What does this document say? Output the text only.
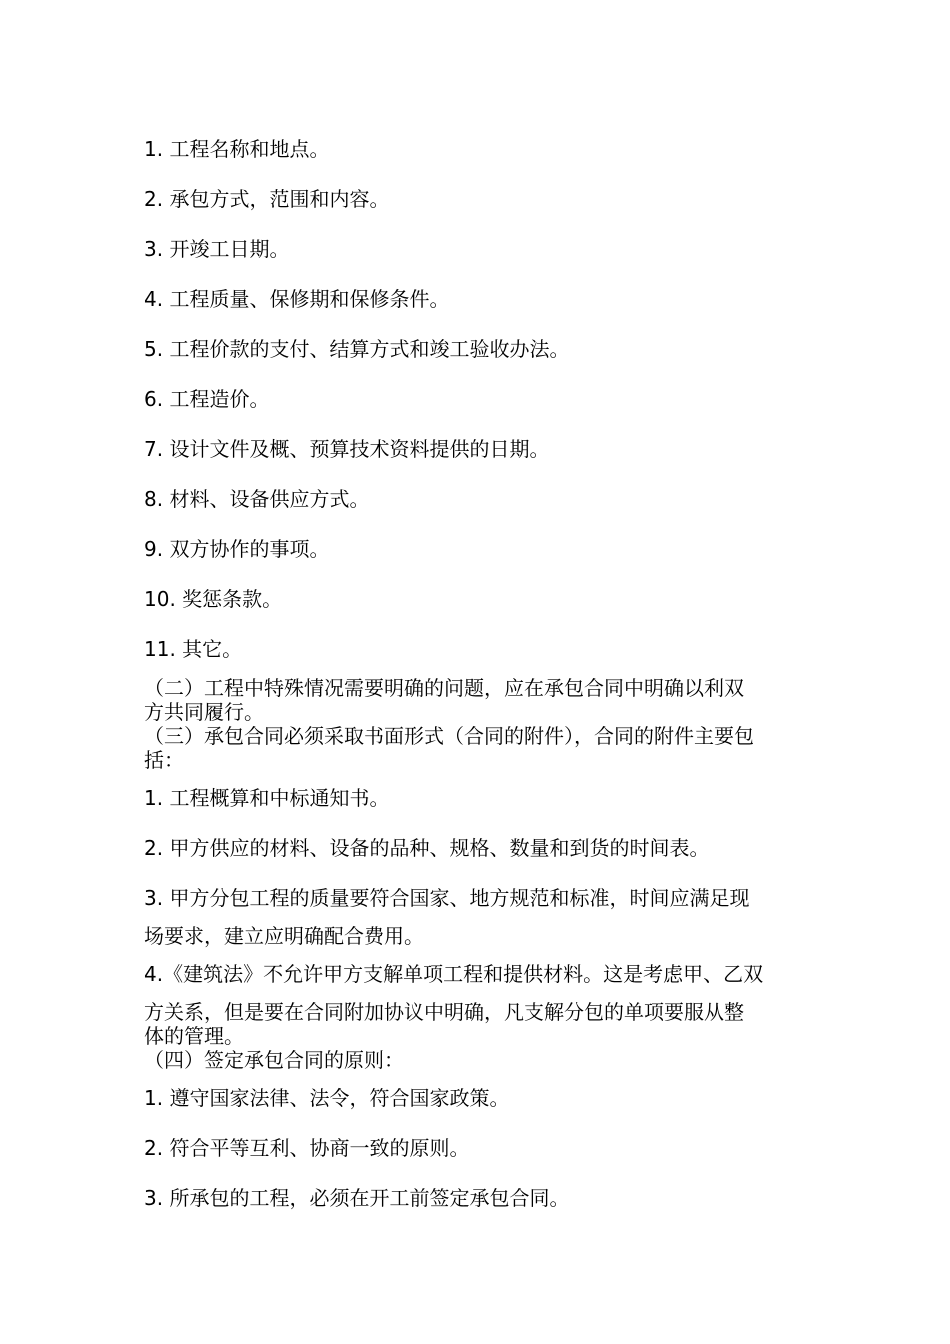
1. 工程名称和地点。
2. 承包方式，范围和内容。
3. 开竣工日期。
4. 工程质量、保修期和保修条件。
5. 工程价款的支付、结算方式和竣工验收办法。
6. 工程造价。
7. 设计文件及概、预算技术资料提供的日期。
8. 材料、设备供应方式。
9. 双方协作的事项。
10. 奖惩条款。
11. 其它。
（二）工程中特殊情况需要明确的问题，应在承包合同中明确以利双
方共同履行。
（三）承包合同必须采取书面形式（合同的附件），合同的附件主要包
括：
1. 工程概算和中标通知书。
2. 甲方供应的材料、设备的品种、规格、数量和到货的时间表。
3. 甲方分包工程的质量要符合国家、地方规范和标准，时间应满足现
场要求，建立应明确配合费用。
4.《建筑法》不允许甲方支解单项工程和提供材料。这是考虑甲、乙双
方关系，但是要在合同附加协议中明确，凡支解分包的单项要服从整
体的管理。
（四）签定承包合同的原则：
1. 遵守国家法律、法令，符合国家政策。
2. 符合平等互利、协商一致的原则。
3. 所承包的工程，必须在开工前签定承包合同。
